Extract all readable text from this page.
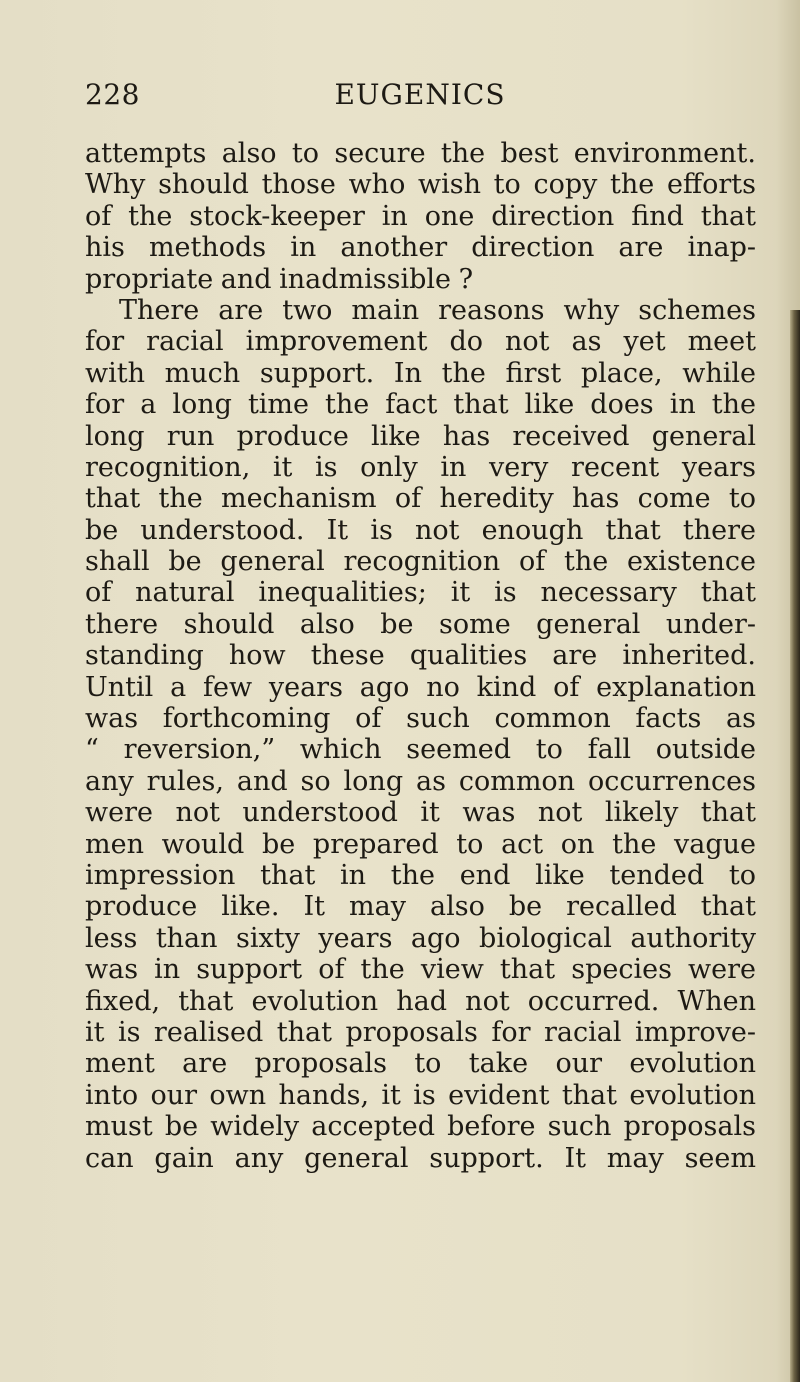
228	EUGENICS
attempts also to secure the best environment.
Why should those who wish to copy the efforts
of the stock-keeper in one direction find that
his methods in another direction are inap-
propriate and inadmissible ?
There are two main reasons why schemes
for racial improvement do not as yet meet
with much support. In the first place, while
for a long time the fact that like does in the
long run produce like has received general
recognition, it is only in very recent years
that the mechanism of heredity has come to
be understood. It is not enough that there
shall be general recognition of the existence
of natural inequalities; it is necessary that
there should also be some general under-
standing how these qualities are inherited.
Until a few years ago no kind of explanation
was forthcoming of such common facts as
“ reversion,” which seemed to fall outside
any rules, and so long as common occurrences
were not understood it was not likely that
men would be prepared to act on the vague
impression that in the end like tended to
produce like. It may also be recalled that
less than sixty years ago biological authority
was in support of the view that species were
fixed, that evolution had not occurred. When
it is realised that proposals for racial improve-
ment are proposals to take our evolution
into our own hands, it is evident that evolution
must be widely accepted before such proposals
can gain any general support. It may seem
